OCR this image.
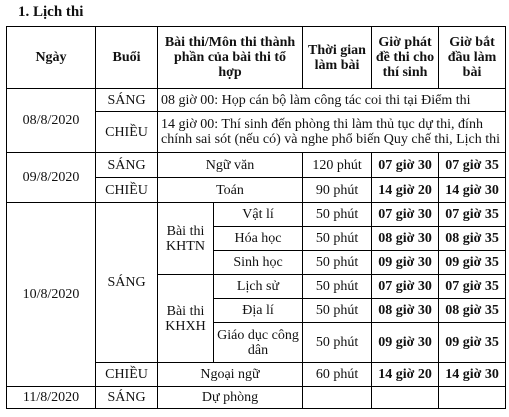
1. Lịch thi
Ngày	Buổi	Bài thi/Môn thi thành phần của bài thi tổ hợp		Thời gian làm bài	Giờ phát đề thi cho thí sinh	Giờ bắt đầu làm bài
08/8/2020	SÁNG	08 giờ 00: Họp cán bộ làm công tác coi thi tại Điểm thi				
	CHIỀU	14 giờ 00: Thí sinh đến phòng thi làm thủ tục dự thi, đính chính sai sót (nếu có) và nghe phổ biến Quy chế thi, Lịch thi				
09/8/2020	SÁNG	Ngữ văn		120 phút	07 giờ 30	07 giờ 35
	CHIỀU	Toán		90 phút	14 giờ 20	14 giờ 30
10/8/2020	SÁNG	Bài thi KHTN	Vật lí	50 phút	07 giờ 30	07 giờ 35
			Hóa học	50 phút	08 giờ 30	08 giờ 35
			Sinh học	50 phút	09 giờ 30	09 giờ 35
		Bài thi KHXH	Lịch sử	50 phút	07 giờ 30	07 giờ 35
			Địa lí	50 phút	08 giờ 30	08 giờ 35
			Giáo dục công dân	50 phút	09 giờ 30	09 giờ 35
	CHIỀU	Ngoại ngữ		60 phút	14 giờ 20	14 giờ 30
11/8/2020	SÁNG	Dự phòng				
